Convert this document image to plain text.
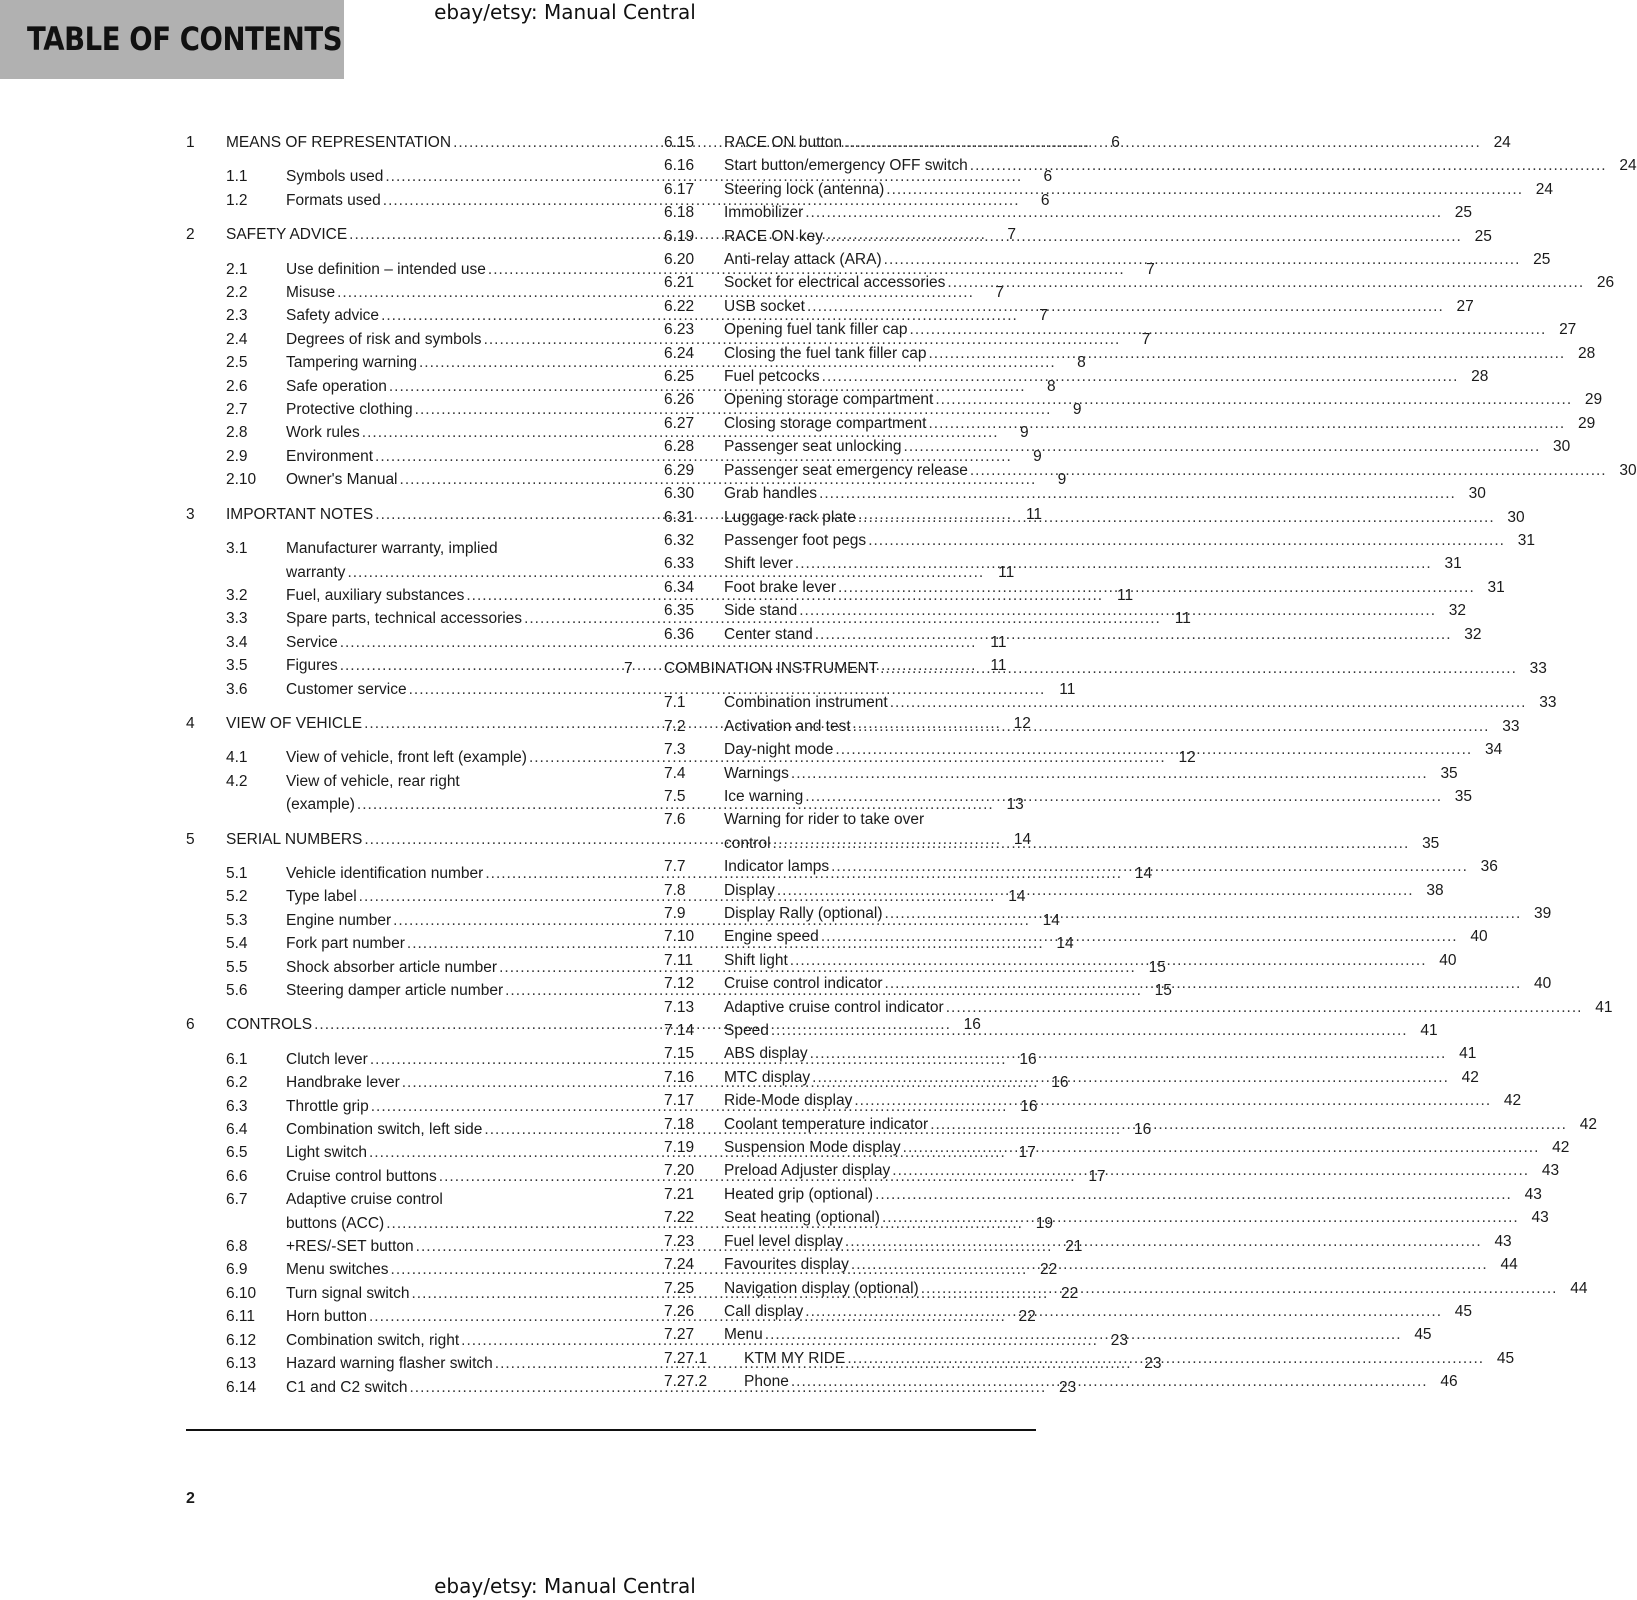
ebay/etsy: Manual Central
TABLE OF CONTENTS
1	MEANS OF REPRESENTATION .....	6
1.1	Symbols used .....	6
1.2	Formats used .....	6
2	SAFETY ADVICE .....	7
2.1	Use definition – intended use .....	7
2.2	Misuse .....	7
2.3	Safety advice .....	7
2.4	Degrees of risk and symbols .....	7
2.5	Tampering warning .....	8
2.6	Safe operation .....	8
2.7	Protective clothing .....	9
2.8	Work rules .....	9
2.9	Environment .....	9
2.10	Owner's Manual .....	9
3	IMPORTANT NOTES .....	11
3.1	Manufacturer warranty, implied
warranty .....	11
3.2	Fuel, auxiliary substances .....	11
3.3	Spare parts, technical accessories .....	11
3.4	Service .....	11
3.5	Figures .....	11
3.6	Customer service .....	11
4	VIEW OF VEHICLE .....	12
4.1	View of vehicle, front left (example) .....	12
4.2	View of vehicle, rear right
(example) .....	13
5	SERIAL NUMBERS .....	14
5.1	Vehicle identification number .....	14
5.2	Type label .....	14
5.3	Engine number .....	14
5.4	Fork part number .....	14
5.5	Shock absorber article number .....	15
5.6	Steering damper article number .....	15
6	CONTROLS .....	16
6.1	Clutch lever .....	16
6.2	Handbrake lever .....	16
6.3	Throttle grip .....	16
6.4	Combination switch, left side .....	16
6.5	Light switch .....	17
6.6	Cruise control buttons .....	17
6.7	Adaptive cruise control
buttons (ACC) .....	19
6.8	+RES/-SET button .....	21
6.9	Menu switches .....	22
6.10	Turn signal switch .....	22
6.11	Horn button .....	22
6.12	Combination switch, right .....	23
6.13	Hazard warning flasher switch .....	23
6.14	C1 and C2 switch .....	23
6.15	RACE ON button .....	24
6.16	Start button/emergency OFF switch .....	24
6.17	Steering lock (antenna) .....	24
6.18	Immobilizer .....	25
6.19	RACE ON key .....	25
6.20	Anti-relay attack (ARA) .....	25
6.21	Socket for electrical accessories .....	26
6.22	USB socket .....	27
6.23	Opening fuel tank filler cap .....	27
6.24	Closing the fuel tank filler cap .....	28
6.25	Fuel petcocks .....	28
6.26	Opening storage compartment .....	29
6.27	Closing storage compartment .....	29
6.28	Passenger seat unlocking .....	30
6.29	Passenger seat emergency release .....	30
6.30	Grab handles .....	30
6.31	Luggage rack plate .....	30
6.32	Passenger foot pegs .....	31
6.33	Shift lever .....	31
6.34	Foot brake lever .....	31
6.35	Side stand .....	32
6.36	Center stand .....	32
7	COMBINATION INSTRUMENT .....	33
7.1	Combination instrument .....	33
7.2	Activation and test .....	33
7.3	Day-night mode .....	34
7.4	Warnings .....	35
7.5	Ice warning .....	35
7.6	Warning for rider to take over
control .....	35
7.7	Indicator lamps .....	36
7.8	Display .....	38
7.9	Display Rally (optional) .....	39
7.10	Engine speed .....	40
7.11	Shift light .....	40
7.12	Cruise control indicator .....	40
7.13	Adaptive cruise control indicator .....	41
7.14	Speed .....	41
7.15	ABS display .....	41
7.16	MTC display .....	42
7.17	Ride-Mode display .....	42
7.18	Coolant temperature indicator .....	42
7.19	Suspension Mode display .....	42
7.20	Preload Adjuster display .....	43
7.21	Heated grip (optional) .....	43
7.22	Seat heating (optional) .....	43
7.23	Fuel level display .....	43
7.24	Favourites display .....	44
7.25	Navigation display (optional) .....	44
7.26	Call display .....	45
7.27	Menu .....	45
7.27.1	KTM MY RIDE .....	45
7.27.2	Phone .....	46
2
ebay/etsy: Manual Central
